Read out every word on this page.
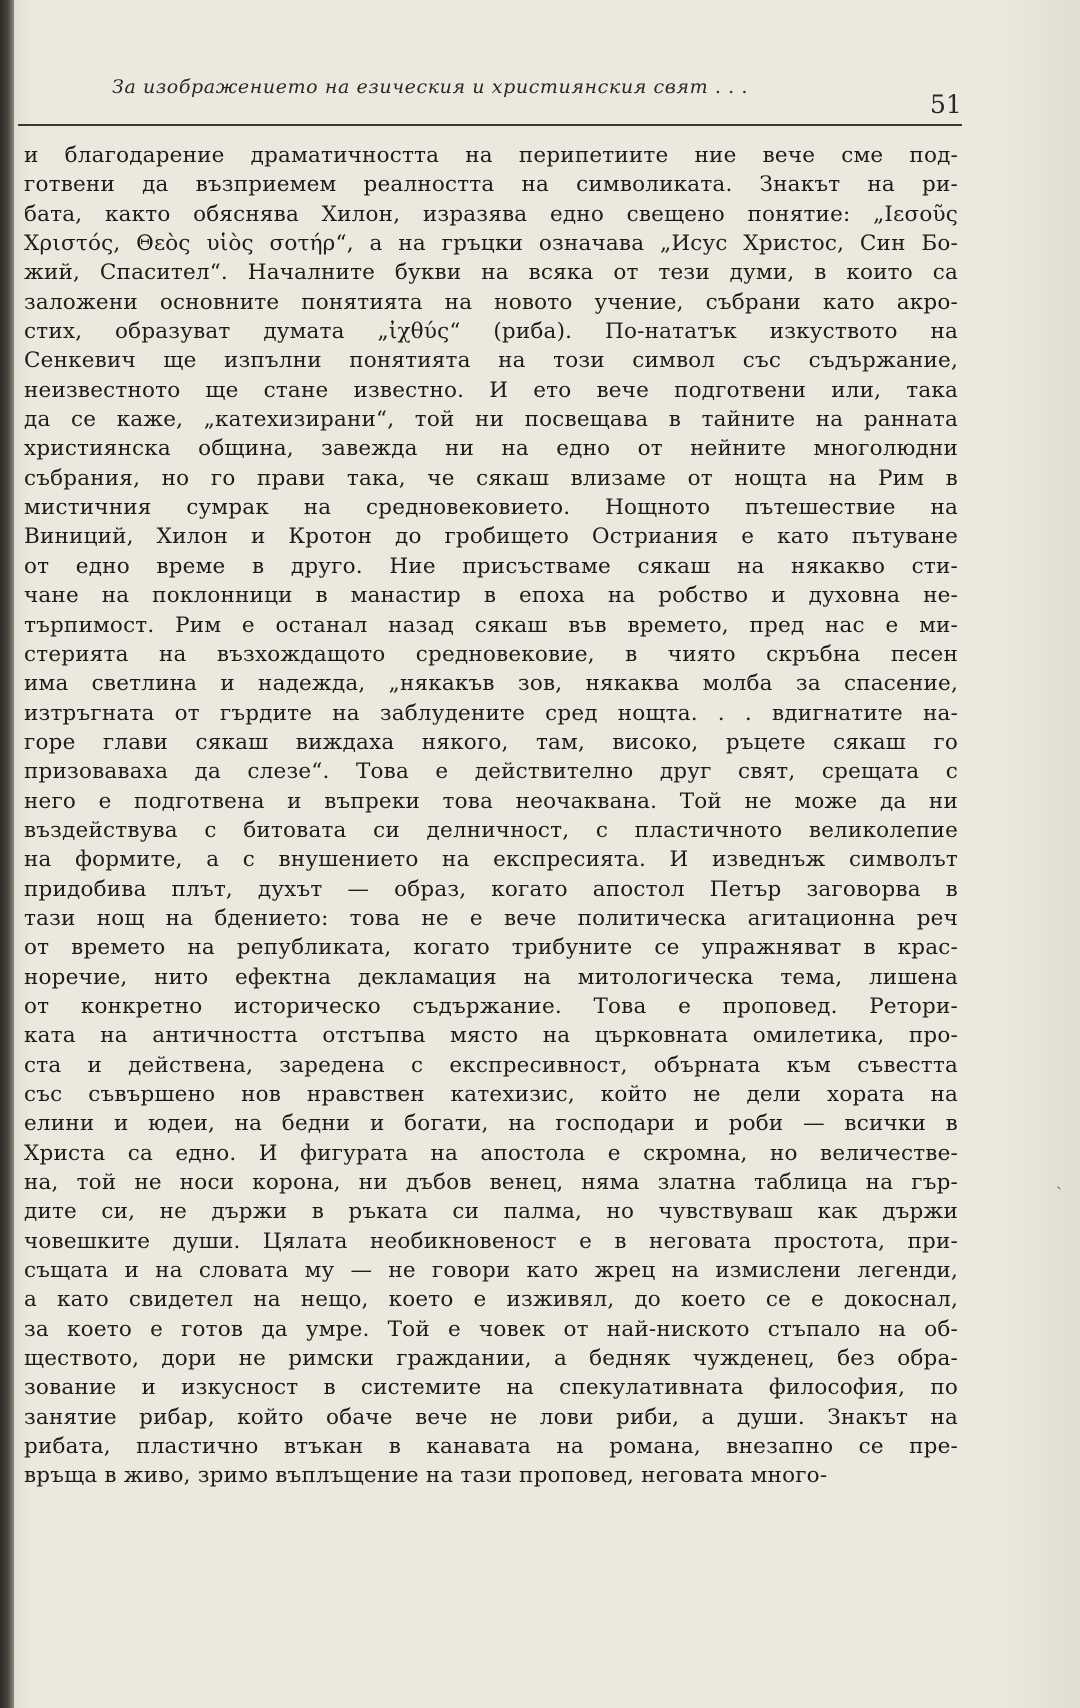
За изображението на езическия и християнския свят . . .
51
и благодарение драматичността на перипетиите ние вече сме под-
готвени да възприемем реалността на символиката. Знакът на ри-
бата, както обяснява Хилон, изразява едно свещено понятие: „Ιεσοῦς
Χριστός, Θεὸς υἱὸς σοτήρ“, а на гръцки означава „Исус Христос, Син Бо-
жий, Спасител“. Началните букви на всяка от тези думи, в които са
заложени основните понятията на новото учение, събрани като акро-
стих, образуват думата „ἰχθύς“ (риба). По-нататък изкуството на
Сенкевич ще изпълни понятията на този символ със съдържание,
неизвестното ще стане известно. И ето вече подготвени или, така
да се каже, „катехизирани“, той ни посвещава в тайните на ранната
християнска община, завежда ни на едно от нейните многолюдни
събрания, но го прави така, че сякаш влизаме от нощта на Рим в
мистичния сумрак на средновековието. Нощното пътешествие на
Виниций, Хилон и Кротон до гробището Остриания е като пътуване
от едно време в друго. Ние присъстваме сякаш на някакво сти-
чане на поклонници в манастир в епоха на робство и духовна не-
търпимост. Рим е останал назад сякаш във времето, пред нас е ми-
стерията на възхождащото средновековие, в чиято скръбна песен
има светлина и надежда, „някакъв зов, някаква молба за спасение,
изтръгната от гърдите на заблудените сред нощта. . . вдигнатите на-
горе глави сякаш виждаха някого, там, високо, ръцете сякаш го
призоваваха да слезе“. Това е действително друг свят, срещата с
него е подготвена и въпреки това неочаквана. Той не може да ни
въздействува с битовата си делничност, с пластичното великолепие
на формите, а с внушението на експресията. И изведнъж символът
придобива плът, духът — образ, когато апостол Петър заговорва в
тази нощ на бдението: това не е вече политическа агитационна реч
от времето на републиката, когато трибуните се упражняват в крас-
норечие, нито ефектна декламация на митологическа тема, лишена
от конкретно историческо съдържание. Това е проповед. Ретори-
ката на античността отстъпва място на църковната омилетика, про-
ста и действена, заредена с експресивност, обърната към съвестта
със съвършено нов нравствен катехизис, който не дели хората на
елини и юдеи, на бедни и богати, на господари и роби — всички в
Христа са едно. И фигурата на апостола е скромна, но величестве-
на, той не носи корона, ни дъбов венец, няма златна таблица на гър-
дите си, не държи в ръката си палма, но чувствуваш как държи
човешките души. Цялата необикновеност е в неговата простота, при-
същата и на словата му — не говори като жрец на измислени легенди,
а като свидетел на нещо, което е изживял, до което се е докоснал,
за което е готов да умре. Той е човек от най-ниското стъпало на об-
ществото, дори не римски граждании, а бедняк чужденец, без обра-
зование и изкусност в системите на спекулативната философия, по
занятие рибар, който обаче вече не лови риби, а души. Знакът на
рибата, пластично втъкан в канавата на романа, внезапно се пре-
връща в живо, зримо въплъщение на тази проповед, неговата много-
˴
